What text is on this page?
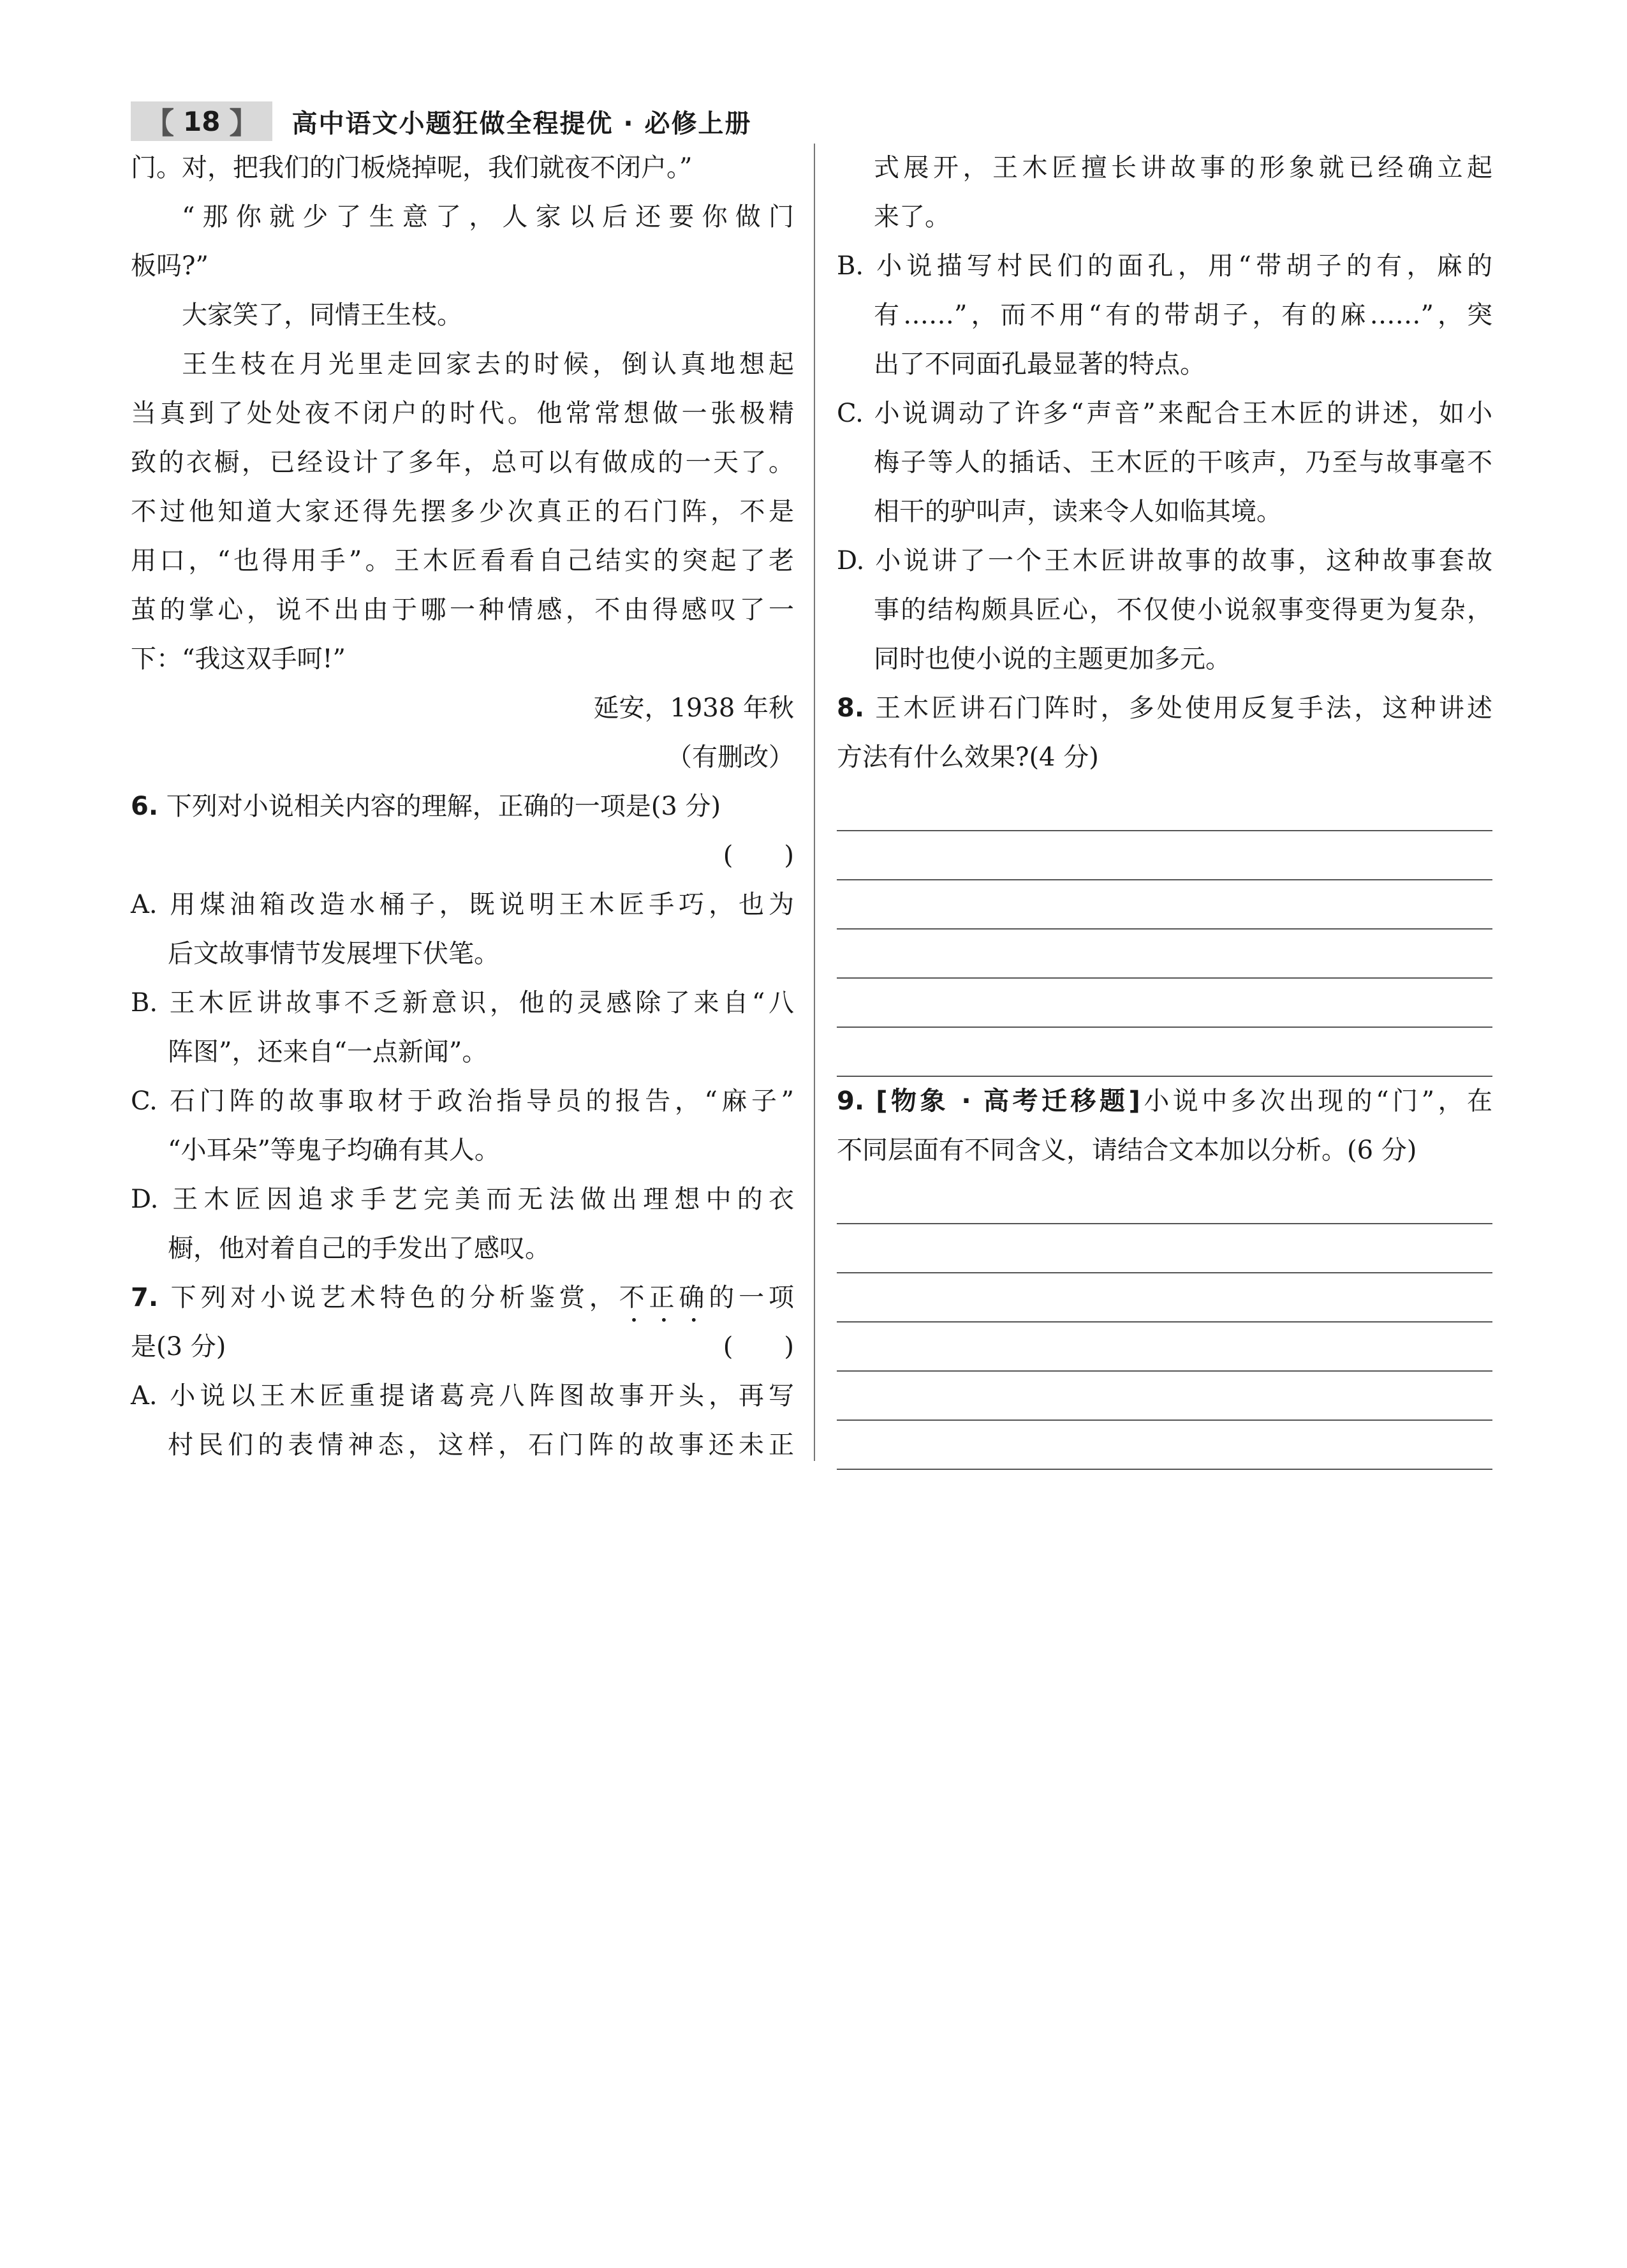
【 18 】 高中语文小题狂做全程提优 · 必修上册
门。对，把我们的门板烧掉呢，我们就夜不闭户。”
“那你就少了生意了，人家以后还要你做门
板吗?”
大家笑了，同情王生枝。
王生枝在月光里走回家去的时候，倒认真地想起
当真到了处处夜不闭户的时代。他常常想做一张极精
致的衣橱，已经设计了多年，总可以有做成的一天了。
不过他知道大家还得先摆多少次真正的石门阵，不是
用口，“也得用手”。王木匠看看自己结实的突起了老
茧的掌心，说不出由于哪一种情感，不由得感叹了一
下：“我这双手呵!”
延安，1938 年秋
（有删改）
6. 下列对小说相关内容的理解，正确的一项是(3 分)
(　　)
A. 用煤油箱改造水桶子，既说明王木匠手巧，也为
后文故事情节发展埋下伏笔。
B. 王木匠讲故事不乏新意识，他的灵感除了来自“八
阵图”，还来自“一点新闻”。
C. 石门阵的故事取材于政治指导员的报告，“麻子”
“小耳朵”等鬼子均确有其人。
D. 王木匠因追求手艺完美而无法做出理想中的衣
橱，他对着自己的手发出了感叹。
7. 下列对小说艺术特色的分析鉴赏，不正确的一项
是(3 分)	(　　)
A. 小说以王木匠重提诸葛亮八阵图故事开头，再写
村民们的表情神态，这样，石门阵的故事还未正
式展开，王木匠擅长讲故事的形象就已经确立起
来了。
B. 小说描写村民们的面孔，用“带胡子的有，麻的
有……”，而不用“有的带胡子，有的麻……”，突
出了不同面孔最显著的特点。
C. 小说调动了许多“声音”来配合王木匠的讲述，如小
梅子等人的插话、王木匠的干咳声，乃至与故事毫不
相干的驴叫声，读来令人如临其境。
D. 小说讲了一个王木匠讲故事的故事，这种故事套故
事的结构颇具匠心，不仅使小说叙事变得更为复杂，
同时也使小说的主题更加多元。
8. 王木匠讲石门阵时，多处使用反复手法，这种讲述
方法有什么效果?(4 分)
9. [物象 · 高考迁移题]小说中多次出现的“门”，在
不同层面有不同含义，请结合文本加以分析。(6 分)
